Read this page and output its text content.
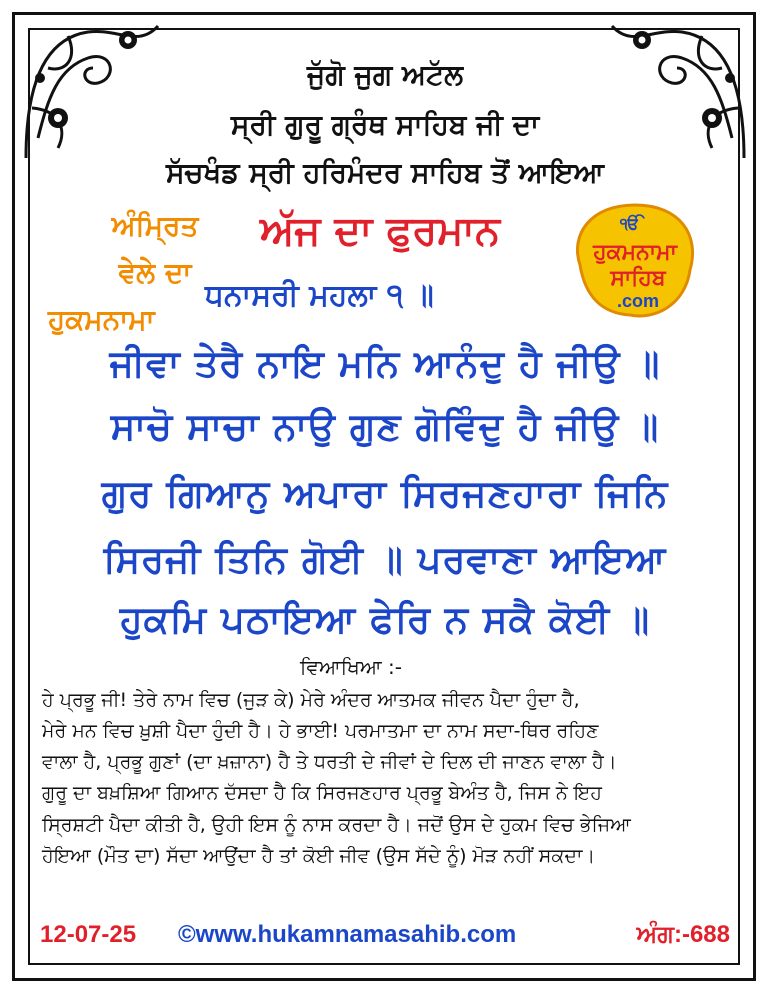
ਜੁੱਗੋ ਜੁਗ ਅਟੱਲ
ਸ੍ਰੀ ਗੁਰੂ ਗ੍ਰੰਥ ਸਾਹਿਬ ਜੀ ਦਾ
ਸੱਚਖੰਡ ਸ੍ਰੀ ਹਰਿਮੰਦਰ ਸਾਹਿਬ ਤੋਂ ਆਇਆ
ਅੰਮ੍ਰਿਤ
ਵੇਲੇ ਦਾ
ਹੁਕਮਨਾਮਾ
ਅੱਜ ਦਾ ਫੁਰਮਾਨ
ਧਨਾਸਰੀ ਮਹਲਾ ੧ ॥
ੴ
ਹੁਕਮਨਾਮਾ
ਸਾਹਿਬ
.com
ਜੀਵਾ ਤੇਰੈ ਨਾਇ ਮਨਿ ਆਨੰਦੁ ਹੈ ਜੀਉ ॥
ਸਾਚੋ ਸਾਚਾ ਨਾਉ ਗੁਣ ਗੋਵਿੰਦੁ ਹੈ ਜੀਉ ॥
ਗੁਰ ਗਿਆਨੁ ਅਪਾਰਾ ਸਿਰਜਣਹਾਰਾ ਜਿਨਿ
ਸਿਰਜੀ ਤਿਨਿ ਗੋਈ ॥ ਪਰਵਾਣਾ ਆਇਆ
ਹੁਕਮਿ ਪਠਾਇਆ ਫੇਰਿ ਨ ਸਕੈ ਕੋਈ ॥
ਵਿਆਖਿਆ :-
ਹੇ ਪ੍ਰਭੂ ਜੀ! ਤੇਰੇ ਨਾਮ ਵਿਚ (ਜੁੜ ਕੇ) ਮੇਰੇ ਅੰਦਰ ਆਤਮਕ ਜੀਵਨ ਪੈਦਾ ਹੁੰਦਾ ਹੈ,
ਮੇਰੇ ਮਨ ਵਿਚ ਖ਼ੁਸ਼ੀ ਪੈਦਾ ਹੁੰਦੀ ਹੈ। ਹੇ ਭਾਈ! ਪਰਮਾਤਮਾ ਦਾ ਨਾਮ ਸਦਾ-ਥਿਰ ਰਹਿਣ
ਵਾਲਾ ਹੈ, ਪ੍ਰਭੂ ਗੁਣਾਂ (ਦਾ ਖ਼ਜ਼ਾਨਾ) ਹੈ ਤੇ ਧਰਤੀ ਦੇ ਜੀਵਾਂ ਦੇ ਦਿਲ ਦੀ ਜਾਣਨ ਵਾਲਾ ਹੈ।
ਗੁਰੂ ਦਾ ਬਖ਼ਸ਼ਿਆ ਗਿਆਨ ਦੱਸਦਾ ਹੈ ਕਿ ਸਿਰਜਣਹਾਰ ਪ੍ਰਭੂ ਬੇਅੰਤ ਹੈ, ਜਿਸ ਨੇ ਇਹ
ਸ੍ਰਿਸ਼ਟੀ ਪੈਦਾ ਕੀਤੀ ਹੈ, ਉਹੀ ਇਸ ਨੂੰ ਨਾਸ ਕਰਦਾ ਹੈ। ਜਦੋਂ ਉਸ ਦੇ ਹੁਕਮ ਵਿਚ ਭੇਜਿਆ
ਹੋਇਆ (ਮੌਤ ਦਾ) ਸੱਦਾ ਆਉਂਦਾ ਹੈ ਤਾਂ ਕੋਈ ਜੀਵ (ਉਸ ਸੱਦੇ ਨੂੰ) ਮੋੜ ਨਹੀਂ ਸਕਦਾ।
12-07-25 ©www.hukamnamasahib.com	ਅੰਗ:-688
